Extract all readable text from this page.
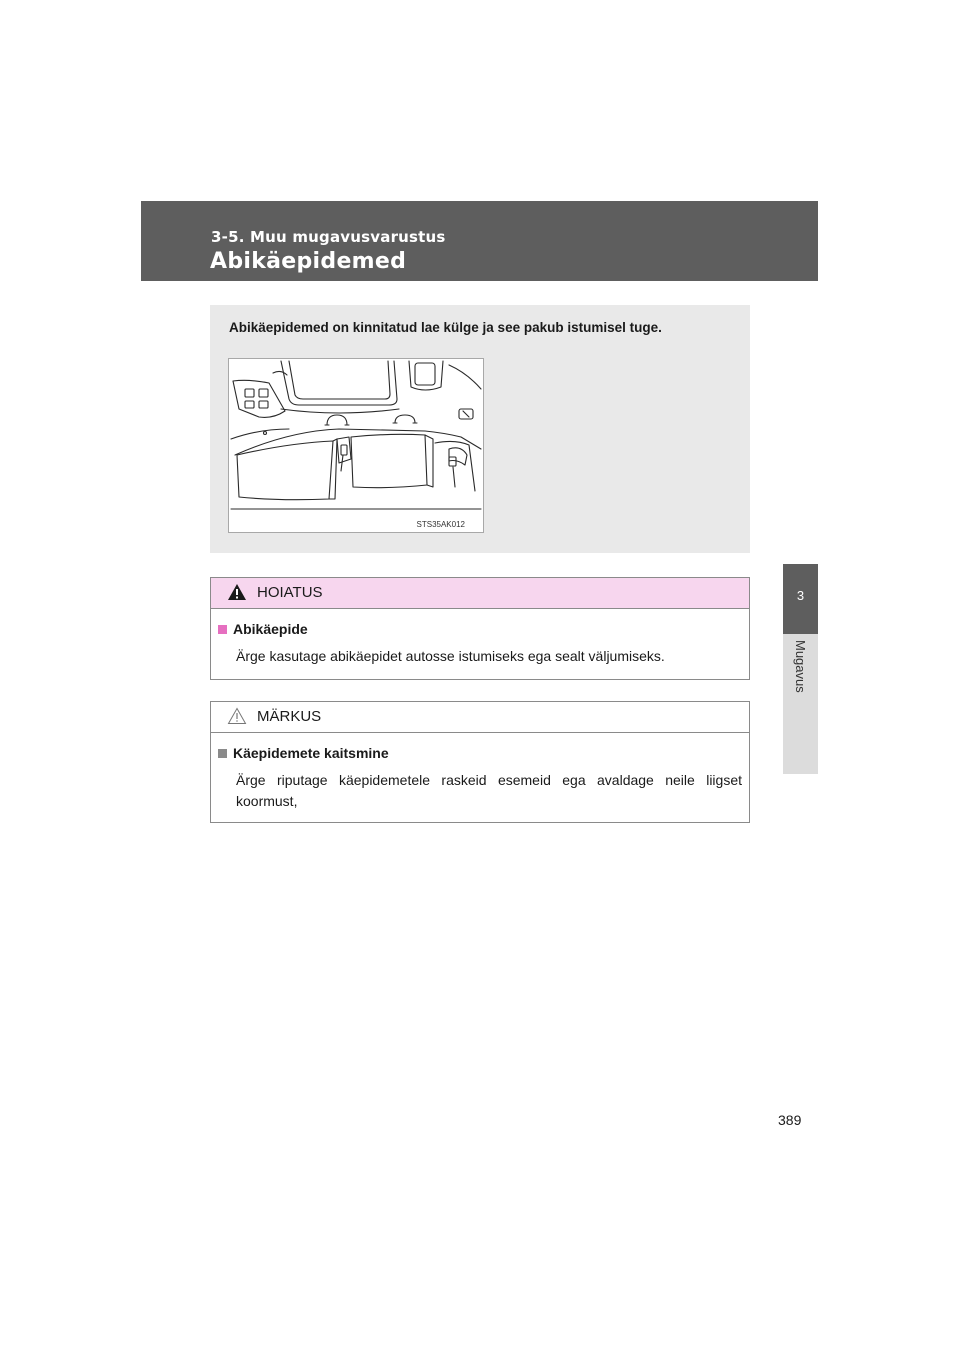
3-5. Muu mugavusvarustus
Abikäepidemed
3
Mugavus
Abikäepidemed on kinnitatud lae külge ja see pakub istumisel tuge.
STS35AK012
HOIATUS
Abikäepide
Ärge kasutage abikäepidet autosse istumiseks ega sealt väljumiseks.
MÄRKUS
Käepidemete kaitsmine
Ärge riputage käepidemetele raskeid esemeid ega avaldage neile liigset koormust,
389
